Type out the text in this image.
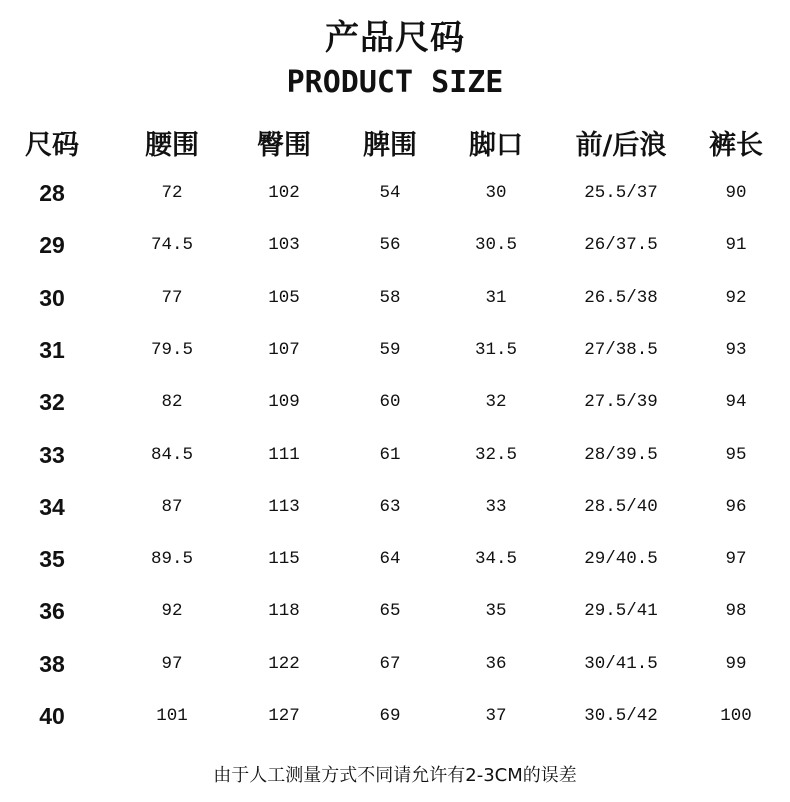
产品尺码
PRODUCT SIZE
尺码	腰围	臀围	脾围	脚口	前/后浪	裤长
28	72	102	54	30	25.5/37	90
29	74.5	103	56	30.5	26/37.5	91
30	77	105	58	31	26.5/38	92
31	79.5	107	59	31.5	27/38.5	93
32	82	109	60	32	27.5/39	94
33	84.5	111	61	32.5	28/39.5	95
34	87	113	63	33	28.5/40	96
35	89.5	115	64	34.5	29/40.5	97
36	92	118	65	35	29.5/41	98
38	97	122	67	36	30/41.5	99
40	101	127	69	37	30.5/42	100
由于人工测量方式不同请允许有2-3CM的误差
